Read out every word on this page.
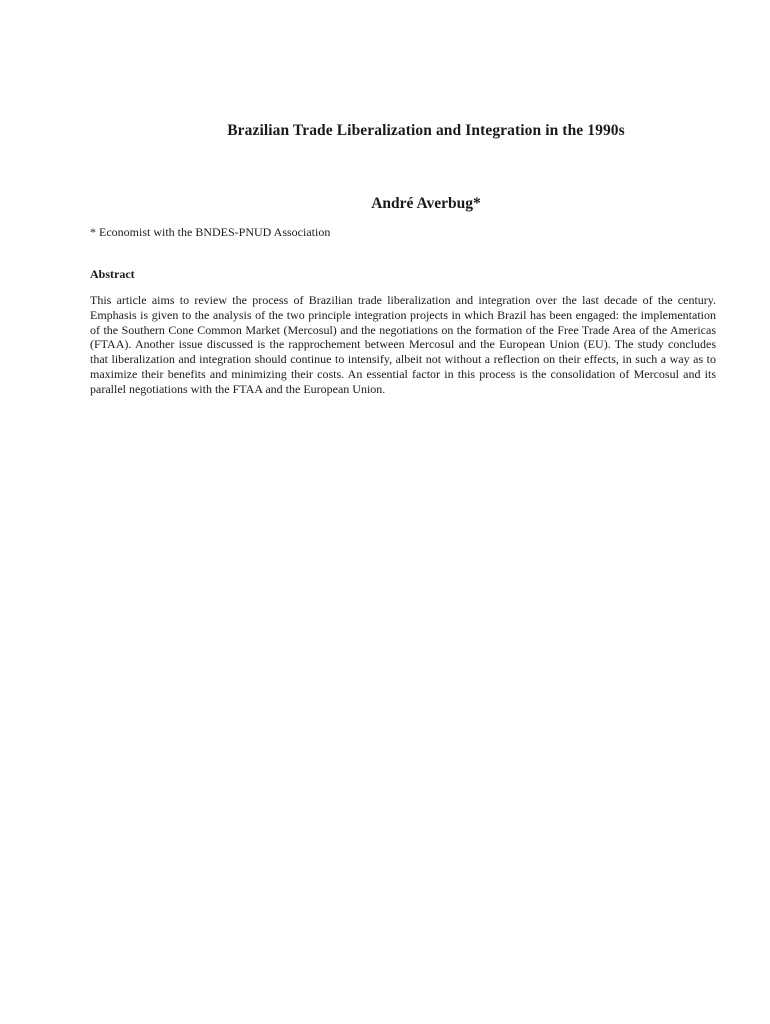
Brazilian Trade Liberalization and Integration in the 1990s
André Averbug*

* Economist with the BNDES-PNUD Association

Abstract

This article aims to review the process of Brazilian trade liberalization and integration over the last decade of the century. Emphasis is given to the analysis of the two principle integration projects in which Brazil has been engaged: the implementation of the Southern Cone Common Market (Mercosul) and the negotiations on the formation of the Free Trade Area of the Americas (FTAA). Another issue discussed is the rapprochement between Mercosul and the European Union (EU). The study concludes that liberalization and integration should continue to intensify, albeit not without a reflection on their effects, in such a way as to maximize their benefits and minimizing their costs. An essential factor in this process is the consolidation of Mercosul and its parallel negotiations with the FTAA and the European Union.
